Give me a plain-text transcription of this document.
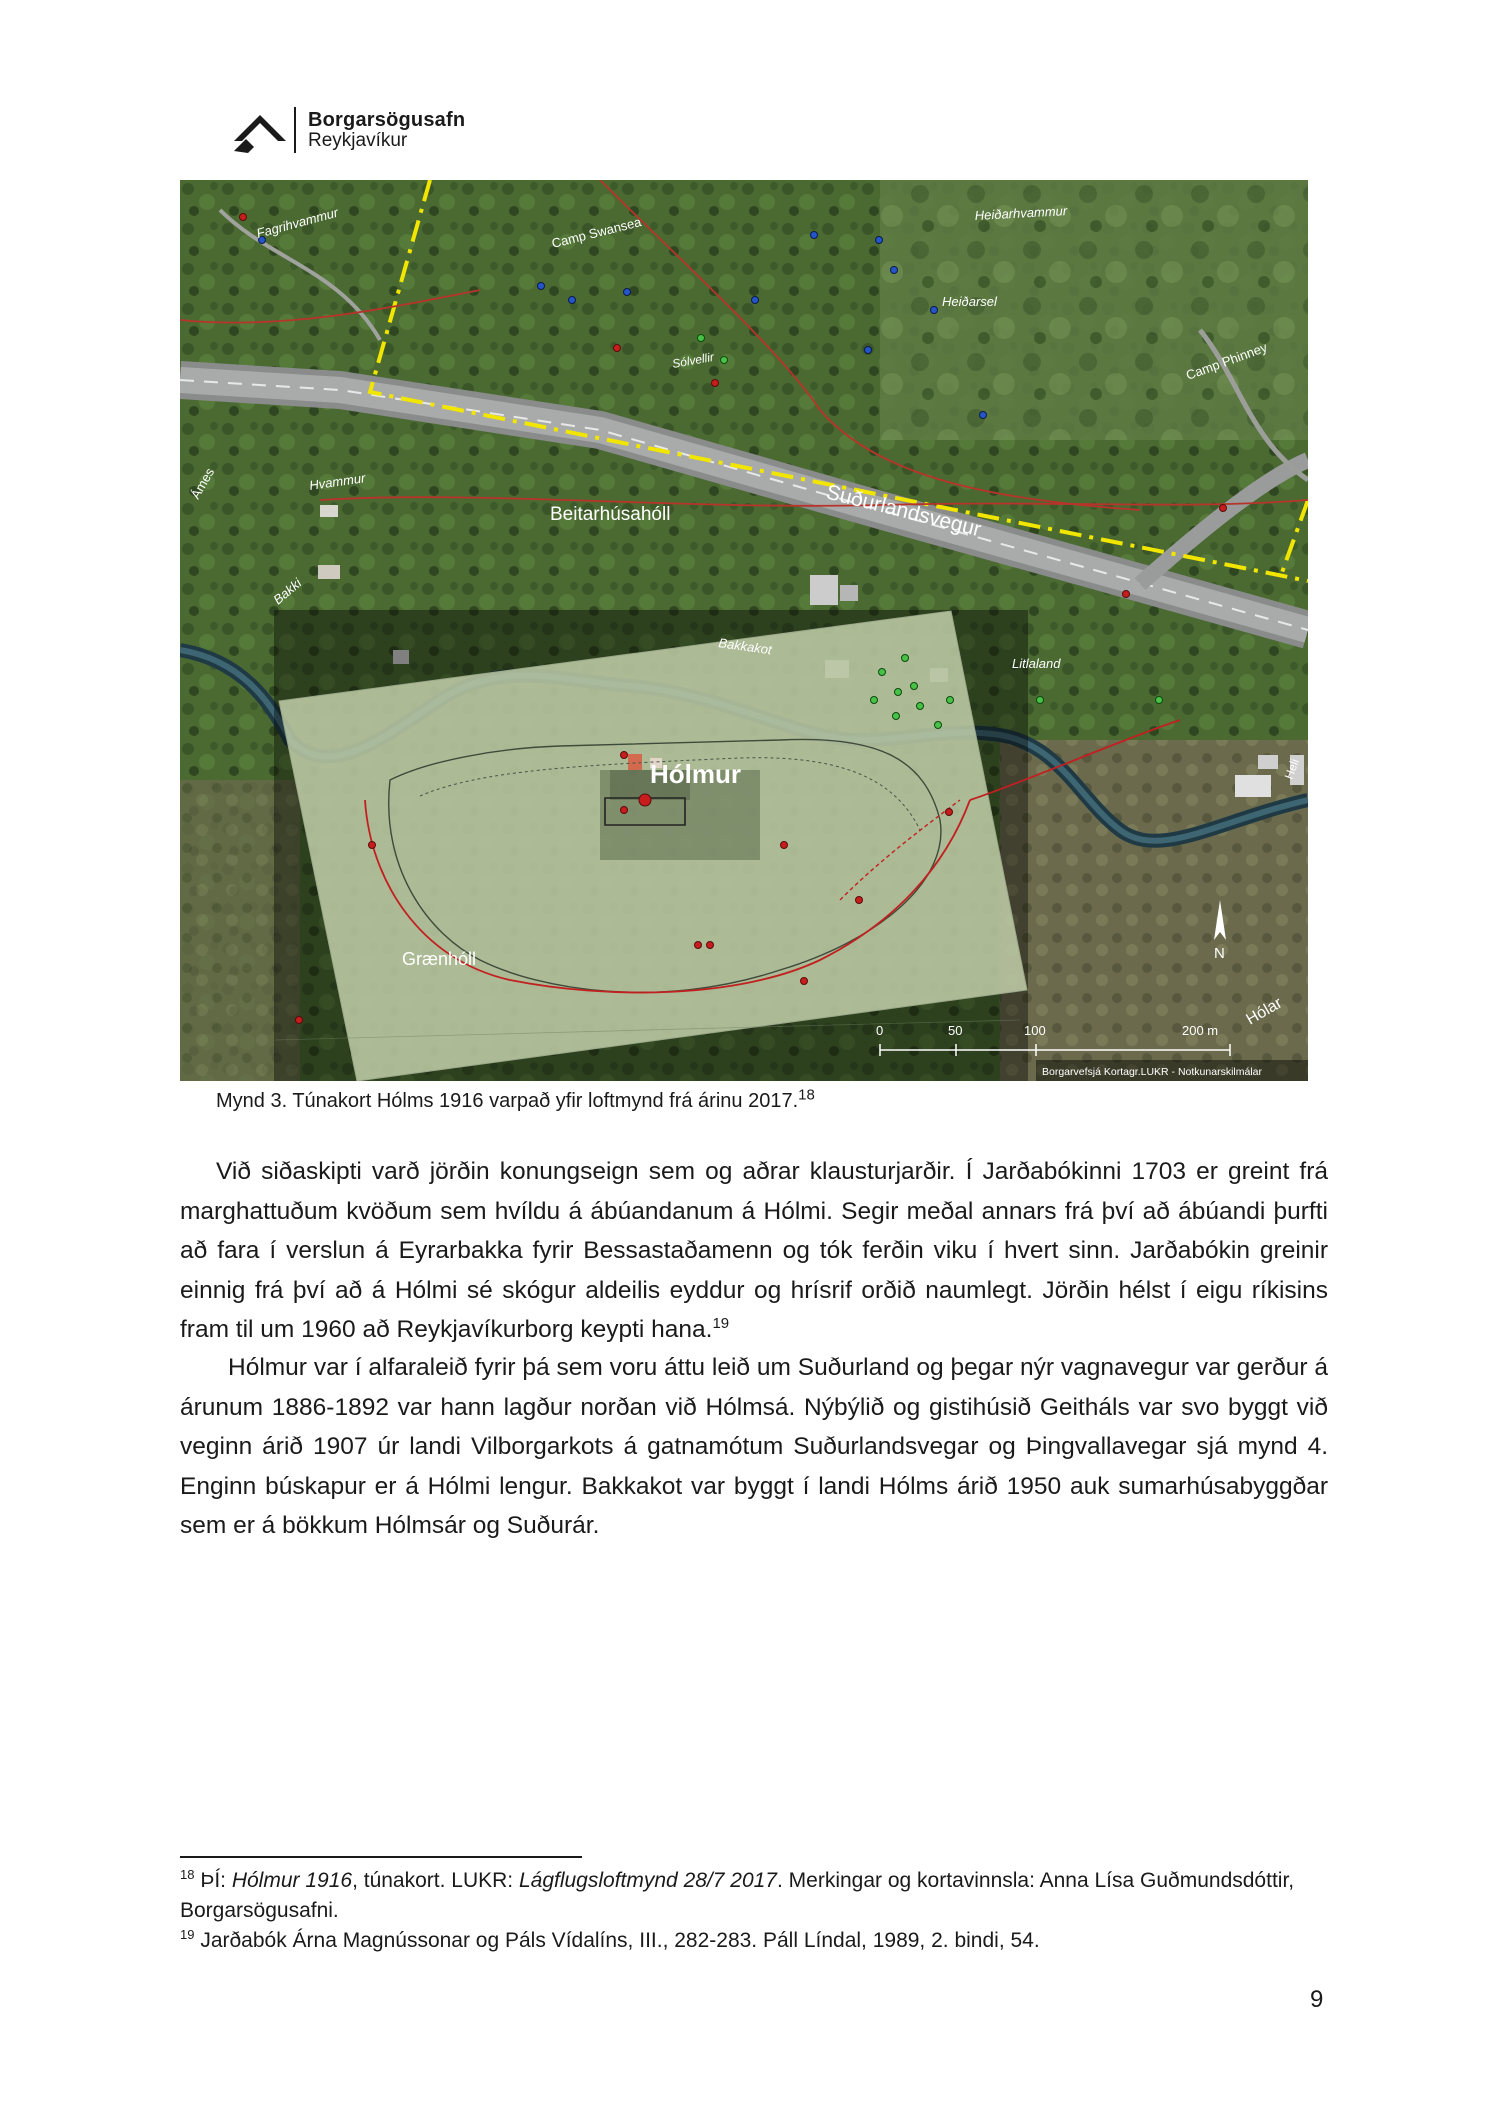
Borgarsögusafn
Reykjavíkur
Fagrihvammur	Camp Swansea
Heiðarhvammur
Heiðarsel
Sólvellir	Camp Phinney
Ámes	Hvammur
Beitarhúsahóll	Suðurlandsvegur
Bakki
Bakkakot
Litlaland
Hólmur
Grænhóll
Hólar
Heli
N
0	50	100	200 m
Borgarvefsjá Kortagr.LUKR - Notkunarskilmálar
Mynd 3. Túnakort Hólms 1916 varpað yfir loftmynd frá árinu 2017.18
Við siðaskipti varð jörðin konungseign sem og aðrar klausturjarðir. Í Jarðabókinni 1703 er greint frá marghattuðum kvöðum sem hvíldu á ábúandanum á Hólmi. Segir meðal annars frá því að ábúandi þurfti að fara í verslun á Eyrarbakka fyrir Bessastaðamenn og tók ferðin viku í hvert sinn. Jarðabókin greinir einnig frá því að á Hólmi sé skógur aldeilis eyddur og hrísrif orðið naumlegt. Jörðin hélst í eigu ríkisins fram til um 1960 að Reykjavíkurborg keypti hana.$^{19}$
Hólmur var í alfaraleið fyrir þá sem voru áttu leið um Suðurland og þegar nýr vagnavegur var gerður á árunum 1886-1892 var hann lagður norðan við Hólmsá. Nýbýlið og gistihúsið Geitháls var svo byggt við veginn árið 1907 úr landi Vilborgarkots á gatnamótum Suðurlandsvegar og Þingvallavegar sjá mynd 4. Enginn búskapur er á Hólmi lengur. Bakkakot var byggt í landi Hólms árið 1950 auk sumarhúsabyggðar sem er á bökkum Hólmsár og Suðurár.

$^{18}$ ÞÍ: Hólmur 1916, túnakort. LUKR: Lágflugsloftmynd 28/7 2017. Merkingar og kortavinnsla: Anna Lísa Guðmundsdóttir, Borgarsögusafni.

$^{19}$ Jarðabók Árna Magnússonar og Páls Vídalíns, III., 282-283. Páll Líndal, 1989, 2. bindi, 54.

9
